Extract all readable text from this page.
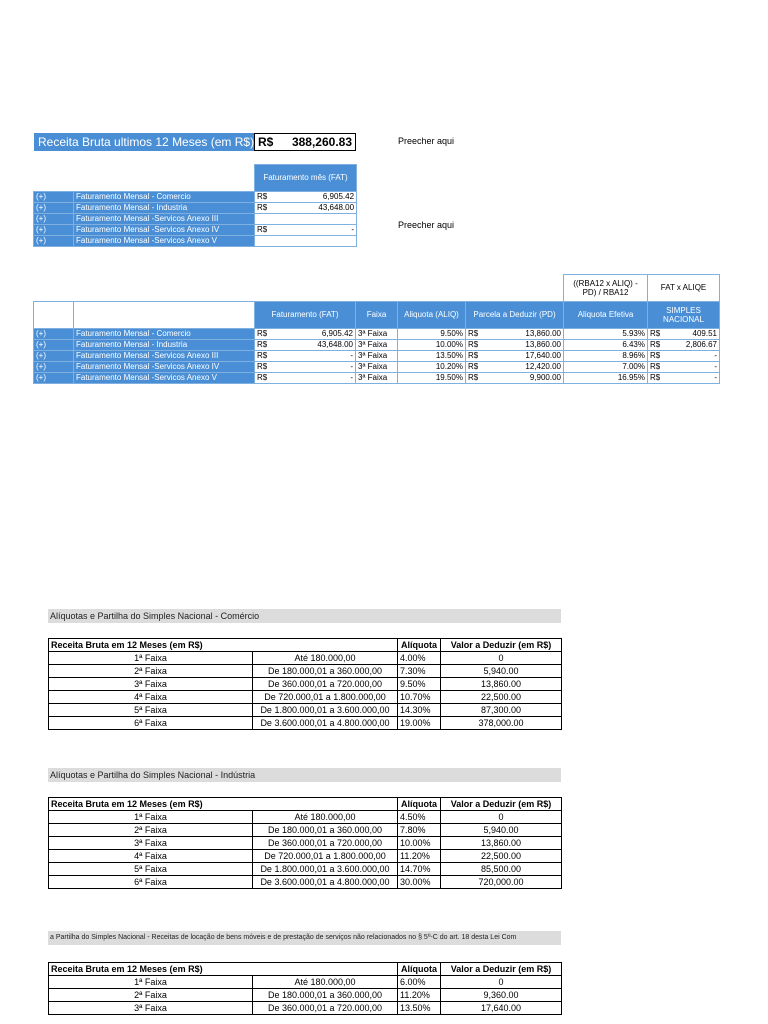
Receita Bruta ultimos 12 Meses (em R$) R$	388,260.83	Preecher aqui
Preecher aqui
		Faturamento mês (FAT)	
(+)	Faturamento Mensal - Comercio	R$	6,905.42
(+)	Faturamento Mensal - Industria	R$	43,648.00
(+)	Faturamento Mensal -Servicos Anexo III		
(+)	Faturamento Mensal -Servicos Anexo IV	R$	-
(+)	Faturamento Mensal -Servicos Anexo V		
								((RBA12 x ALIQ) - PD) / RBA12	FAT x ALIQE	
		Faturamento (FAT)		Faixa	Aliquota (ALIQ)	Parcela a Deduzir (PD)		Aliquota Efetiva	SIMPLES NACIONAL	
(+)	Faturamento Mensal - Comercio	R$	6,905.42	3ª Faixa	9.50%	R$	13,860.00	5.93%	R$	409.51
(+)	Faturamento Mensal - Industria	R$	43,648.00	3ª Faixa	10.00%	R$	13,860.00	6.43%	R$	2,806.67
(+)	Faturamento Mensal -Servicos Anexo III	R$	-	3ª Faixa	13.50%	R$	17,640.00	8.96%	R$	-
(+)	Faturamento Mensal -Servicos Anexo IV	R$	-	3ª Faixa	10.20%	R$	12,420.00	7.00%	R$	-
(+)	Faturamento Mensal -Servicos Anexo V	R$	-	3ª Faixa	19.50%	R$	9,900.00	16.95%	R$	-
Alíquotas e Partilha do Simples Nacional - Comércio
Receita Bruta em 12 Meses (em R$)		Alíquota	Valor a Deduzir (em R$)
1ª Faixa	Até 180.000,00	4.00%	0
2ª Faixa	De 180.000,01 a 360.000,00	7.30%	5,940.00
3ª Faixa	De 360.000,01 a 720.000,00	9.50%	13,860.00
4ª Faixa	De 720.000,01 a 1.800.000,00	10.70%	22,500.00
5ª Faixa	De 1.800.000,01 a 3.600.000,00	14.30%	87,300.00
6ª Faixa	De 3.600.000,01 a 4.800.000,00	19.00%	378,000.00
Alíquotas e Partilha do Simples Nacional - Indústria
Receita Bruta em 12 Meses (em R$)		Alíquota	Valor a Deduzir (em R$)
1ª Faixa	Até 180.000,00	4.50%	0
2ª Faixa	De 180.000,01 a 360.000,00	7.80%	5,940.00
3ª Faixa	De 360.000,01 a 720.000,00	10.00%	13,860.00
4ª Faixa	De 720.000,01 a 1.800.000,00	11.20%	22,500.00
5ª Faixa	De 1.800.000,01 a 3.600.000,00	14.70%	85,500.00
6ª Faixa	De 3.600.000,01 a 4.800.000,00	30.00%	720,000.00
a Partilha do Simples Nacional - Receitas de locação de bens móveis e de prestação de serviços não relacionados no § 5º-C do art. 18 desta Lei Com
Receita Bruta em 12 Meses (em R$)		Alíquota	Valor a Deduzir (em R$)
1ª Faixa	Até 180.000,00	6.00%	0
2ª Faixa	De 180.000,01 a 360.000,00	11.20%	9,360.00
3ª Faixa	De 360.000,01 a 720.000,00	13.50%	17,640.00
